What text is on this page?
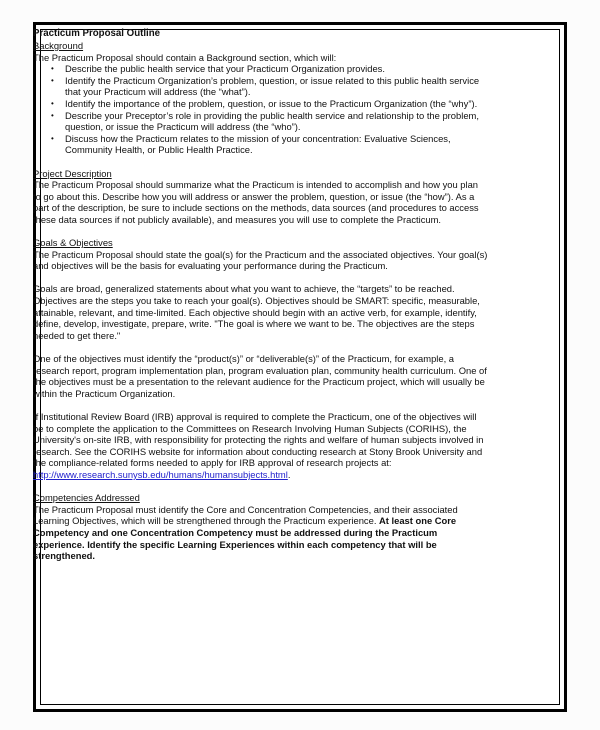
Practicum Proposal Outline

Background

The Practicum Proposal should contain a Background section, which will:

• Describe the public health service that your Practicum Organization provides.
• Identify the Practicum Organization’s problem, question, or issue related to this public health service that your Practicum will address (the “what”).
• Identify the importance of the problem, question, or issue to the Practicum Organization (the “why”).
• Describe your Preceptor’s role in providing the public health service and relationship to the problem, question, or issue the Practicum will address (the “who”).
• Discuss how the Practicum relates to the mission of your concentration: Evaluative Sciences, Community Health, or Public Health Practice.

Project Description

The Practicum Proposal should summarize what the Practicum is intended to accomplish and how you plan to go about this. Describe how you will address or answer the problem, question, or issue (the “how”). As a part of the description, be sure to include sections on the methods, data sources (and procedures to access these data sources if not publicly available), and measures you will use to complete the Practicum.

Goals & Objectives

The Practicum Proposal should state the goal(s) for the Practicum and the associated objectives. Your goal(s) and objectives will be the basis for evaluating your performance during the Practicum.

Goals are broad, generalized statements about what you want to achieve, the “targets” to be reached. Objectives are the steps you take to reach your goal(s). Objectives should be SMART: specific, measurable, attainable, relevant, and time-limited. Each objective should begin with an active verb, for example, identify, define, develop, investigate, prepare, write. "The goal is where we want to be. The objectives are the steps needed to get there."

One of the objectives must identify the “product(s)” or “deliverable(s)” of the Practicum, for example, a research report, program implementation plan, program evaluation plan, community health curriculum. One of the objectives must be a presentation to the relevant audience for the Practicum project, which will usually be within the Practicum Organization.

If Institutional Review Board (IRB) approval is required to complete the Practicum, one of the objectives will be to complete the application to the Committees on Research Involving Human Subjects (CORIHS), the University's on-site IRB, with responsibility for protecting the rights and welfare of human subjects involved in research. See the CORIHS website for information about conducting research at Stony Brook University and the compliance-related forms needed to apply for IRB approval of research projects at: http://www.research.sunysb.edu/humans/humansubjects.html.

Competencies Addressed

The Practicum Proposal must identify the Core and Concentration Competencies, and their associated Learning Objectives, which will be strengthened through the Practicum experience. At least one Core Competency and one Concentration Competency must be addressed during the Practicum experience. Identify the specific Learning Experiences within each competency that will be strengthened.
